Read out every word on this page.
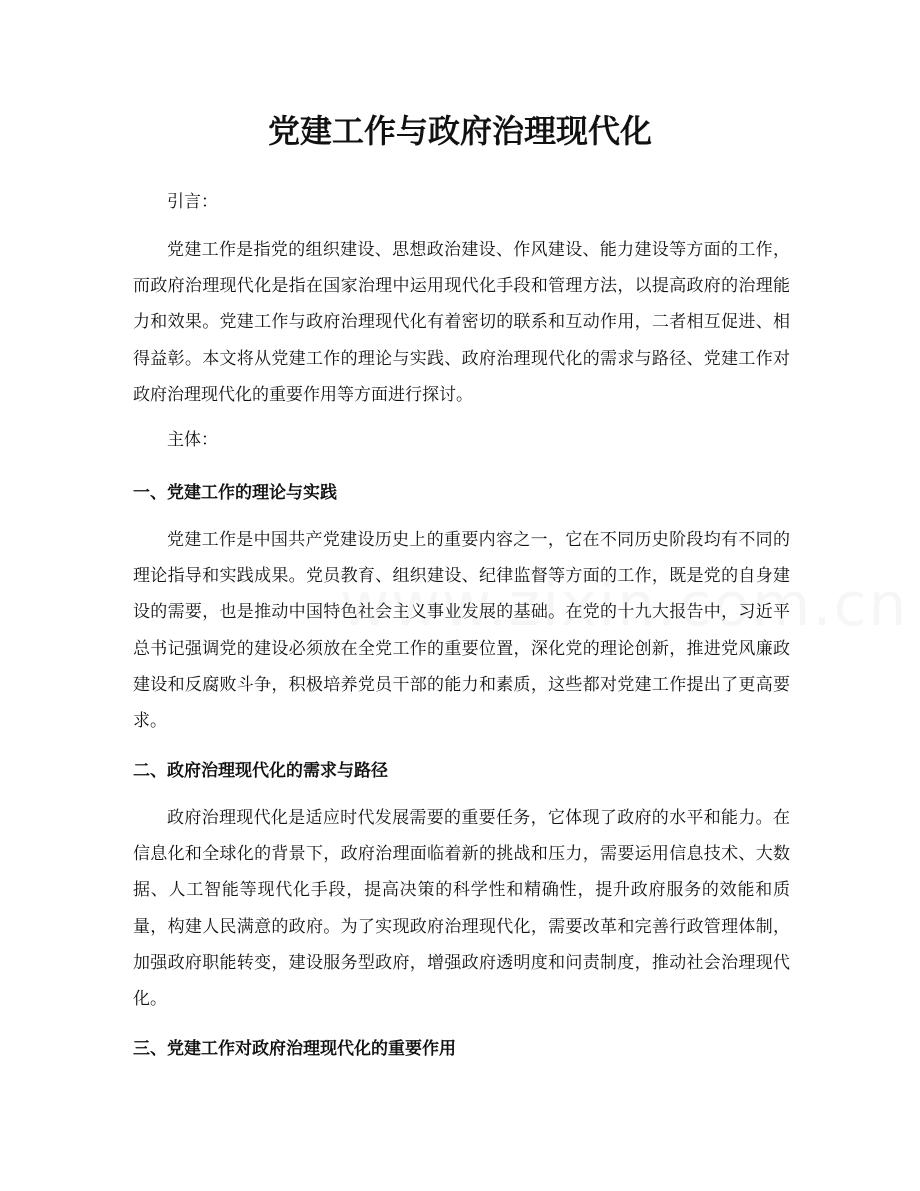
党建工作与政府治理现代化

引言：

党建工作是指党的组织建设、思想政治建设、作风建设、能力建设等方面的工作，而政府治理现代化是指在国家治理中运用现代化手段和管理方法，以提高政府的治理能力和效果。党建工作与政府治理现代化有着密切的联系和互动作用，二者相互促进、相得益彰。本文将从党建工作的理论与实践、政府治理现代化的需求与路径、党建工作对政府治理现代化的重要作用等方面进行探讨。

主体：

一、党建工作的理论与实践

党建工作是中国共产党建设历史上的重要内容之一，它在不同历史阶段均有不同的理论指导和实践成果。党员教育、组织建设、纪律监督等方面的工作，既是党的自身建设的需要，也是推动中国特色社会主义事业发展的基础。在党的十九大报告中，习近平总书记强调党的建设必须放在全党工作的重要位置，深化党的理论创新，推进党风廉政建设和反腐败斗争，积极培养党员干部的能力和素质，这些都对党建工作提出了更高要求。

二、政府治理现代化的需求与路径

政府治理现代化是适应时代发展需要的重要任务，它体现了政府的水平和能力。在信息化和全球化的背景下，政府治理面临着新的挑战和压力，需要运用信息技术、大数据、人工智能等现代化手段，提高决策的科学性和精确性，提升政府服务的效能和质量，构建人民满意的政府。为了实现政府治理现代化，需要改革和完善行政管理体制，加强政府职能转变，建设服务型政府，增强政府透明度和问责制度，推动社会治理现代化。

三、党建工作对政府治理现代化的重要作用
